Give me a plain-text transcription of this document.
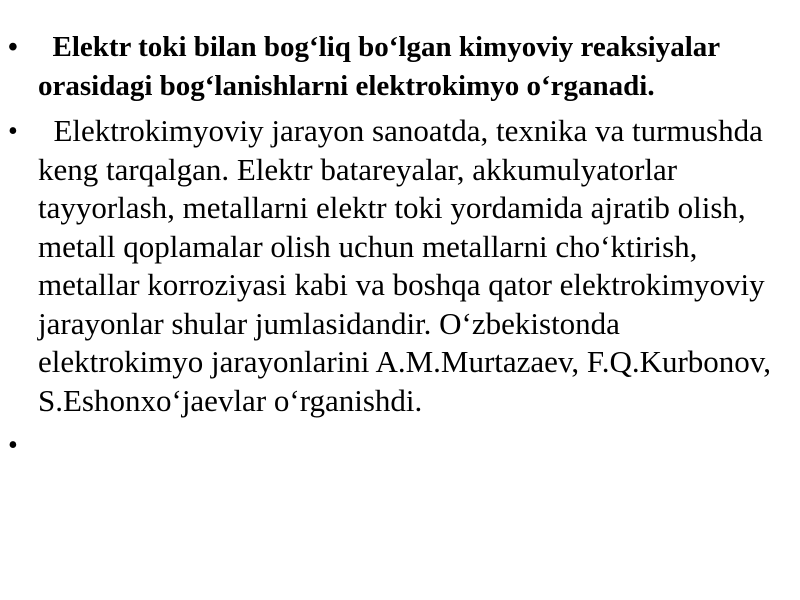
• Elektr toki bilan bog‘liq bo‘lgan kimyoviy reaksiyalar orasidagi bog‘lanishlarni elektrokimyo o‘rganadi.
• Elektrokimyoviy jarayon sanoatda, texnika va turmushda keng tarqalgan. Elektr batareyalar, akkumulyatorlar tayyorlash, metallarni elektr toki yordamida ajratib olish, metall qoplamalar olish uchun metallarni cho‘ktirish, metallar korroziyasi kabi va boshqa qator elektrokimyoviy jarayonlar shular jumlasidandir. O‘zbekistonda elektrokimyo jarayonlarini A.M.Murtazaev, F.Q.Kurbonov, S.Eshonxo‘jaevlar o‘rganishdi.
•
